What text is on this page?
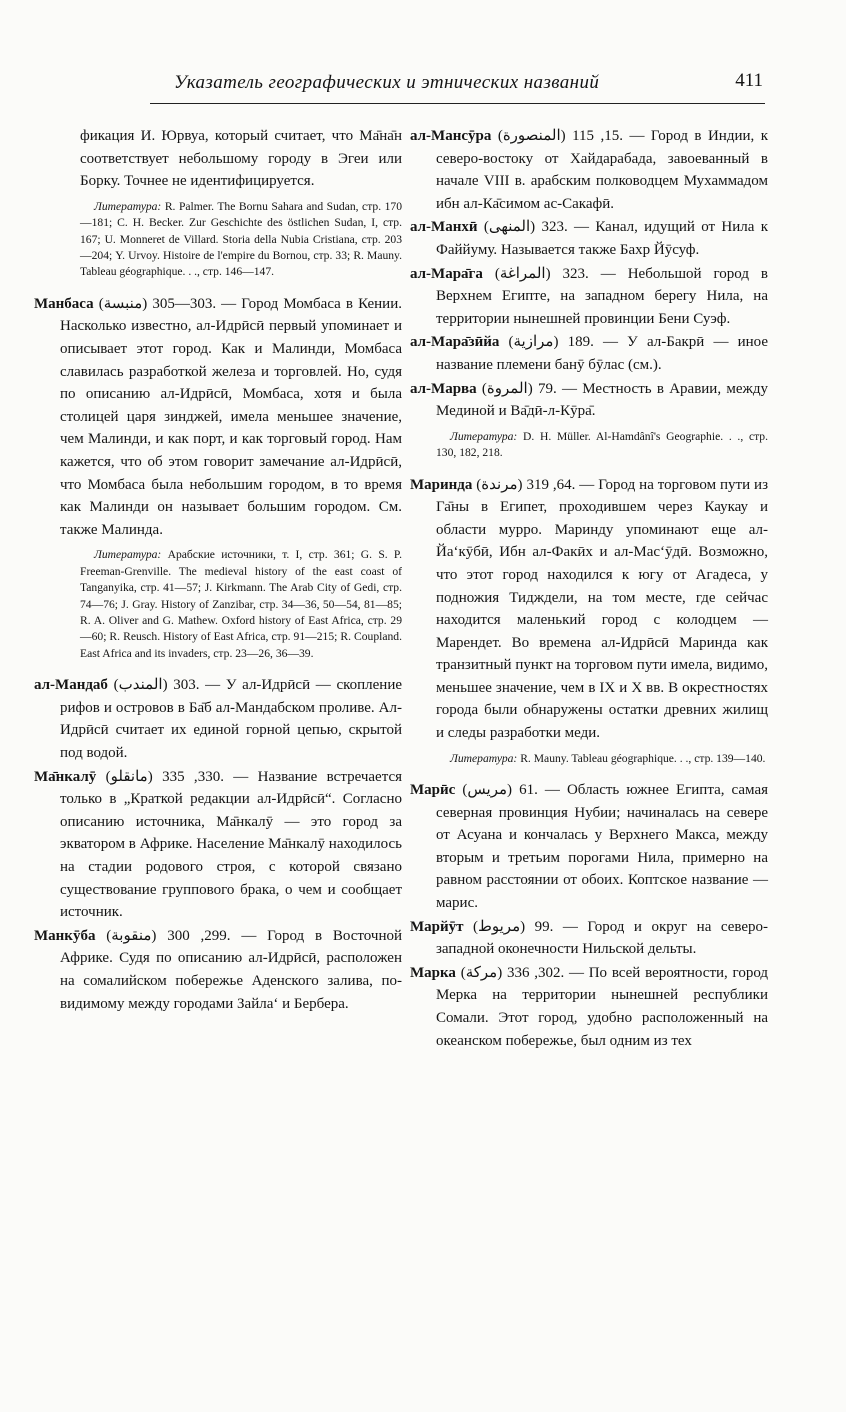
Указатель географических и этнических названий	411

фикация И. Юрвуа, который считает, что Ма̄на̄н соответствует небольшому городу в Эгеи или Борку. Точнее не идентифицируется.

Литература: R. Palmer. The Bornu Sahara and Sudan, стр. 170—181; C. H. Becker. Zur Geschichte des östlichen Sudan, I, стр. 167; U. Monneret de Villard. Storia della Nubia Cristiana, стр. 203—204; Y. Urvoy. Histoire de l'empire du Bornou, стр. 33; R. Mauny. Tableau géographique. . ., стр. 146—147.

Манбаса (منبسة) 303—305. — Город Момбаса в Кении. Насколько известно, ал-Идрӣсӣ первый упоминает и описывает этот город. Как и Малинди, Момбаса славилась разработкой железа и торговлей. Но, судя по описанию ал-Идрӣсӣ, Момбаса, хотя и была столицей царя зинджей, имела меньшее значение, чем Малинди, и как порт, и как торговый город. Нам кажется, что об этом говорит замечание ал-Идрӣсӣ, что Момбаса была небольшим городом, в то время как Малинди он называет большим городом. См. также Малинда.

Литература: Арабские источники, т. I, стр. 361; G. S. P. Freeman-Grenville. The medieval history of the east coast of Tanganyika, стр. 41—57; J. Kirkmann. The Arab City of Gedi, стр. 74—76; J. Gray. History of Zanzibar, стр. 34—36, 50—54, 81—85; R. A. Oliver and G. Mathew. Oxford history of East Africa, стр. 29—60; R. Reusch. History of East Africa, стр. 91—215; R. Coupland. East Africa and its invaders, стр. 23—26, 36—39.

ал-Мандаб (المندب) 303. — У ал-Идрӣсӣ — скопление рифов и островов в Ба̄б ал-Мандабском проливе. Ал-Идрӣсӣ считает их единой горной цепью, скрытой под водой.

Ма̄нкалӯ (مانقلو) 330, 335. — Название встречается только в „Краткой редакции ал-Идрӣсӣ“. Согласно описанию источника, Ма̄нкалӯ — это город за экватором в Африке. Население Ма̄нкалӯ находилось на стадии родового строя, с которой связано существование группового брака, о чем и сообщает источник.

Манкӯба (منقوبة) 299, 300. — Город в Восточной Африке. Судя по описанию ал-Идрӣсӣ, расположен на сомалийском побережье Аденского залива, по-видимому между городами Зайла‘ и Бербера.

ал-Мансӯра (المنصورة) 15, 115. — Город в Индии, к северо-востоку от Хайдарабада, завоеванный в начале VIII в. арабским полководцем Мухаммадом ибн ал-Ка̄симом ас-Сакафӣ.

ал-Манхӣ (المنهى) 323. — Канал, идущий от Нила к Файйуму. Называется также Бахр Йӯсуф.

ал-Мара̄га (المراغة) 323. — Небольшой город в Верхнем Египте, на западном берегу Нила, на территории нынешней провинции Бени Суэф.

ал-Мара̄зӣйа (مرازية) 189. — У ал-Бакрӣ — иное название племени банӯ бӯлас (см.).

ал-Марва (المروة) 79. — Местность в Аравии, между Мединой и Ва̄дӣ-л-Кӯра̄.

Литература: D. H. Müller. Al-Hamdânî's Geographie. . ., стр. 130, 182, 218.

Маринда (مرندة) 64, 319. — Город на торговом пути из Га̄ны в Египет, проходившем через Каукау и области мурро. Маринду упоминают еще ал-Йа‘кӯбӣ, Ибн ал-Факӣх и ал-Мас‘ӯдӣ. Возможно, что этот город находился к югу от Агадеса, у подножия Тидждели, на том месте, где сейчас находится маленький город с колодцем — Марендет. Во времена ал-Идрӣсӣ Маринда как транзитный пункт на торговом пути имела, видимо, меньшее значение, чем в IX и X вв. В окрестностях города были обнаружены остатки древних жилищ и следы разработки меди.

Литература: R. Mauny. Tableau géographique. . ., стр. 139—140.

Марӣс (مريس) 61. — Область южнее Египта, самая северная провинция Нубии; начиналась на севере от Асуана и кончалась у Верхнего Макса, между вторым и третьим порогами Нила, примерно на равном расстоянии от обоих. Коптское название — марис.

Марйӯт (مريوط) 99. — Город и округ на северо-западной оконечности Нильской дельты.

Марка (مركة) 302, 336. — По всей вероятности, город Мерка на территории нынешней республики Сомали. Этот город, удобно расположенный на океанском побережье, был одним из тех
